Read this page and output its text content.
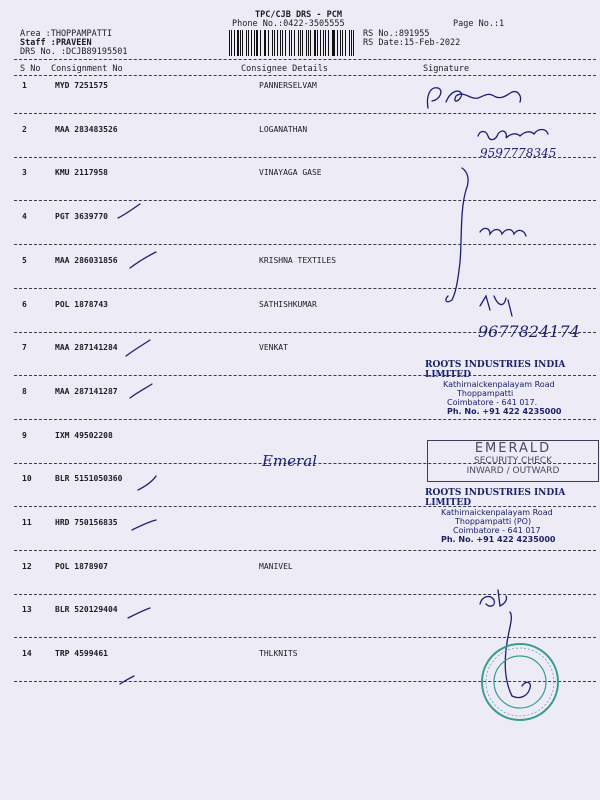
TPC/CJB DRS - PCM
Phone No.:0422-3505555	Page No.:1
Area :THOPPAMPATTI
Staff :PRAVEEN
DRS No. :DCJB89195501
RS No.:891955
RS Date:15-Feb-2022
S No Consignment No	Consignee Details	Signature
1	MYD 7251575	PANNERSELVAM
2	MAA 283483526	LOGANATHAN
3	KMU 2117958	VINAYAGA GASE
4	PGT 3639770
5	MAA 286031856	KRISHNA TEXTILES
6	POL 1878743	SATHISHKUMAR
7	MAA 287141284	VENKAT
8	MAA 287141287
9	IXM 49502208
10	BLR 5151050360
11	HRD 750156835
12	POL 1878907	MANIVEL
13	BLR 520129404
14	TRP 4599461	THLKNITS
9597778345
9677824174
Emeral
ROOTS INDUSTRIES INDIA LIMITED
Kathirnaickenpalayam Road
Thoppampatti
Coimbatore - 641 017.
Ph. No. +91 422 4235000
EMERALD
SECURITY CHECK
INWARD / OUTWARD
ROOTS INDUSTRIES INDIA LIMITED
Kathirnaickenpalayam Road
Thoppampatti (PO)
Coimbatore - 641 017
Ph. No. +91 422 4235000
